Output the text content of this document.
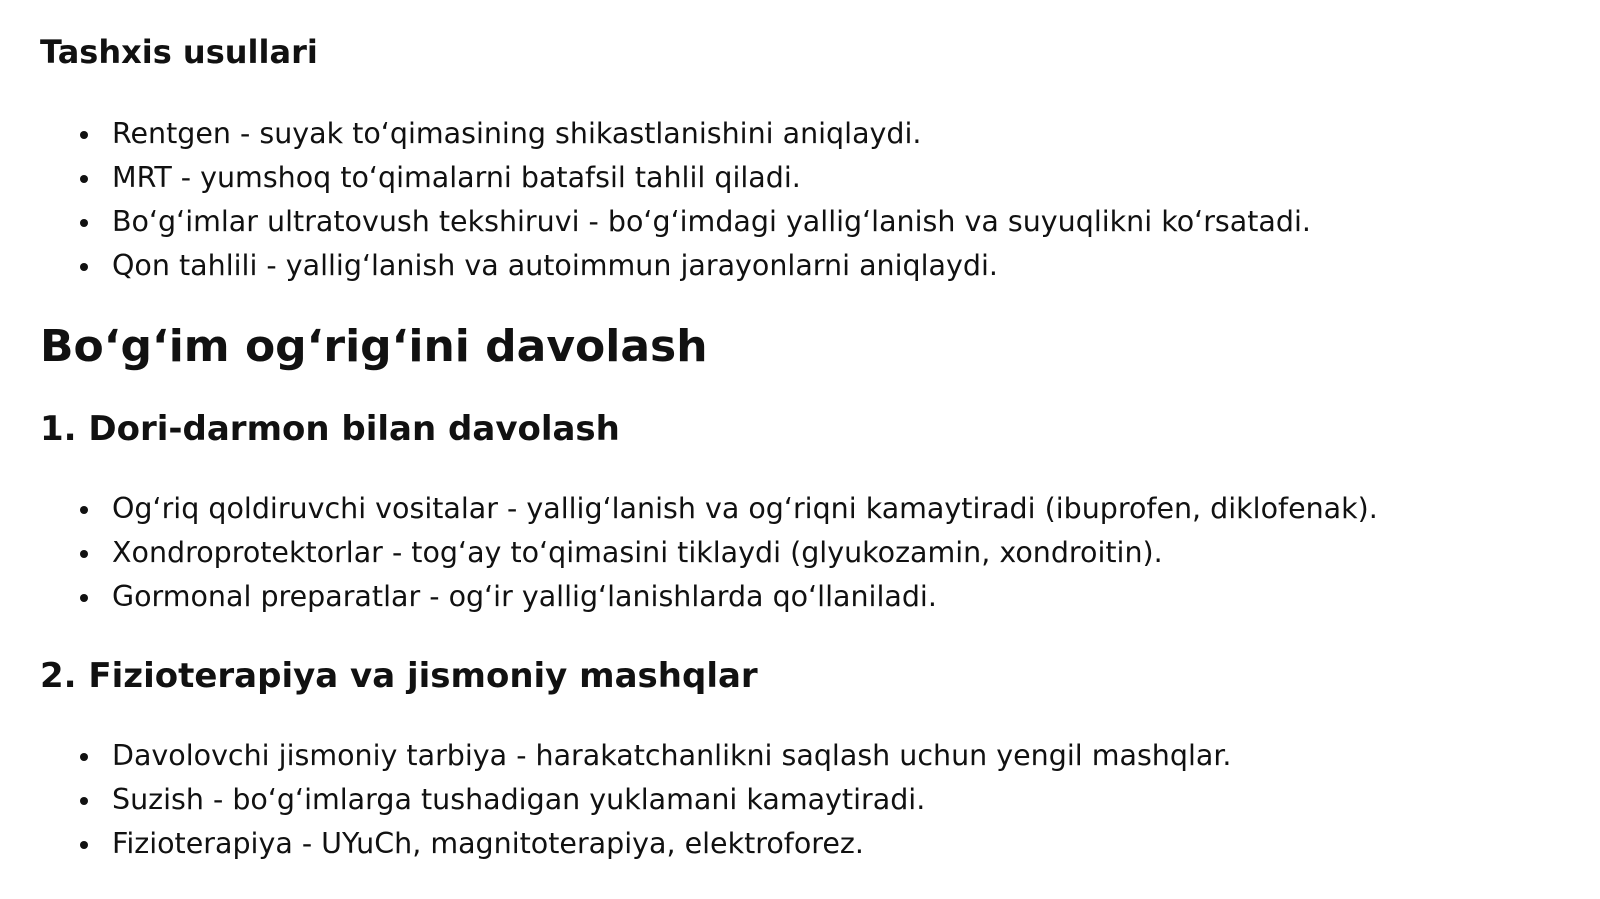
Tashxis usullari
Rentgen - suyak to‘qimasining shikastlanishini aniqlaydi.
MRT - yumshoq to‘qimalarni batafsil tahlil qiladi.
Bo‘g‘imlar ultratovush tekshiruvi - bo‘g‘imdagi yallig‘lanish va suyuqlikni ko‘rsatadi.
Qon tahlili - yallig‘lanish va autoimmun jarayonlarni aniqlaydi.
Bo‘g‘im og‘rig‘ini davolash
1. Dori-darmon bilan davolash
Og‘riq qoldiruvchi vositalar - yallig‘lanish va og‘riqni kamaytiradi (ibuprofen, diklofenak).
Xondroprotektorlar - tog‘ay to‘qimasini tiklaydi (glyukozamin, xondroitin).
Gormonal preparatlar - og‘ir yallig‘lanishlarda qo‘llaniladi.
2. Fizioterapiya va jismoniy mashqlar
Davolovchi jismoniy tarbiya - harakatchanlikni saqlash uchun yengil mashqlar.
Suzish - bo‘g‘imlarga tushadigan yuklamani kamaytiradi.
Fizioterapiya - UYuCh, magnitoterapiya, elektroforez.
